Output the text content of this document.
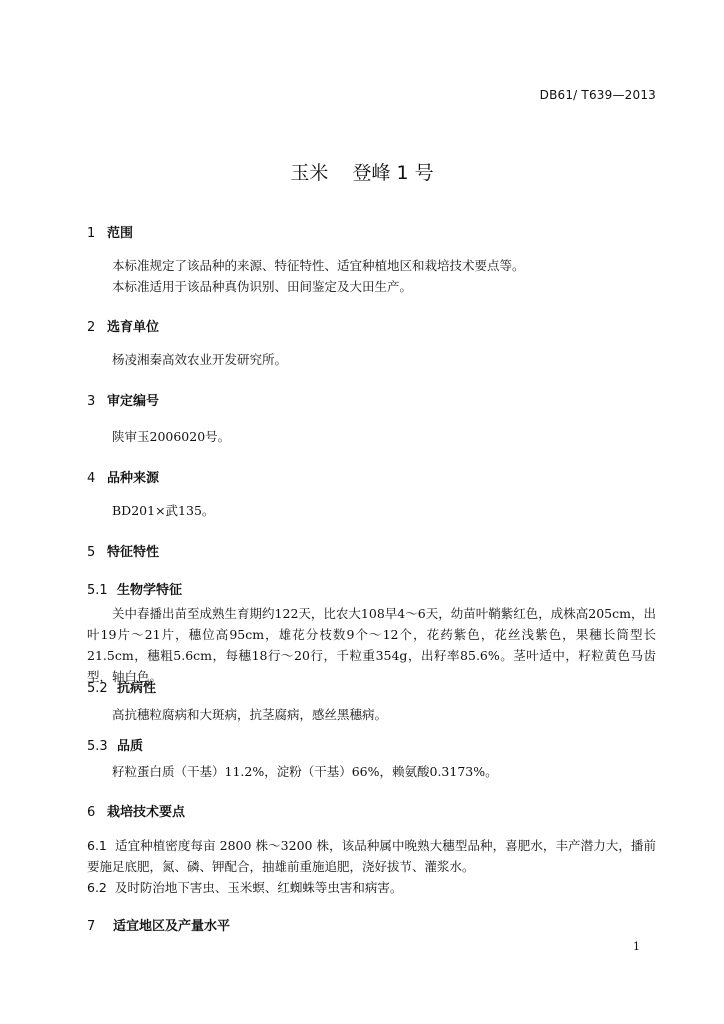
DB61/ T639—2013
玉米    登峰 1 号
1 范围
本标准规定了该品种的来源、特征特性、适宜种植地区和栽培技术要点等。
本标准适用于该品种真伪识别、田间鉴定及大田生产。
2 选育单位
杨凌湘秦高效农业开发研究所。
3 审定编号
陕审玉2006020号。
4 品种来源
BD201×武135。
5 特征特性
5.1 生物学特征
关中春播出苗至成熟生育期约122天，比农大108早4～6天，幼苗叶鞘紫红色，成株高205cm，出叶19片～21片，穗位高95cm，雄花分枝数9个～12个，花药紫色，花丝浅紫色，果穗长筒型长21.5cm，穗粗5.6cm，每穗18行～20行，千粒重354g，出籽率85.6%。茎叶适中，籽粒黄色马齿型，轴白色。
5.2 抗病性
高抗穗粒腐病和大斑病，抗茎腐病，感丝黑穗病。
5.3 品质
籽粒蛋白质（干基）11.2%，淀粉（干基）66%，赖氨酸0.3173%。
6 栽培技术要点
6.1 适宜种植密度每亩 2800 株～3200 株，该品种属中晚熟大穗型品种，喜肥水，丰产潜力大，播前要施足底肥，氮、磷、钾配合，抽雄前重施追肥，浇好拔节、灌浆水。
6.2 及时防治地下害虫、玉米螟、红蜘蛛等虫害和病害。
7 适宜地区及产量水平
1
